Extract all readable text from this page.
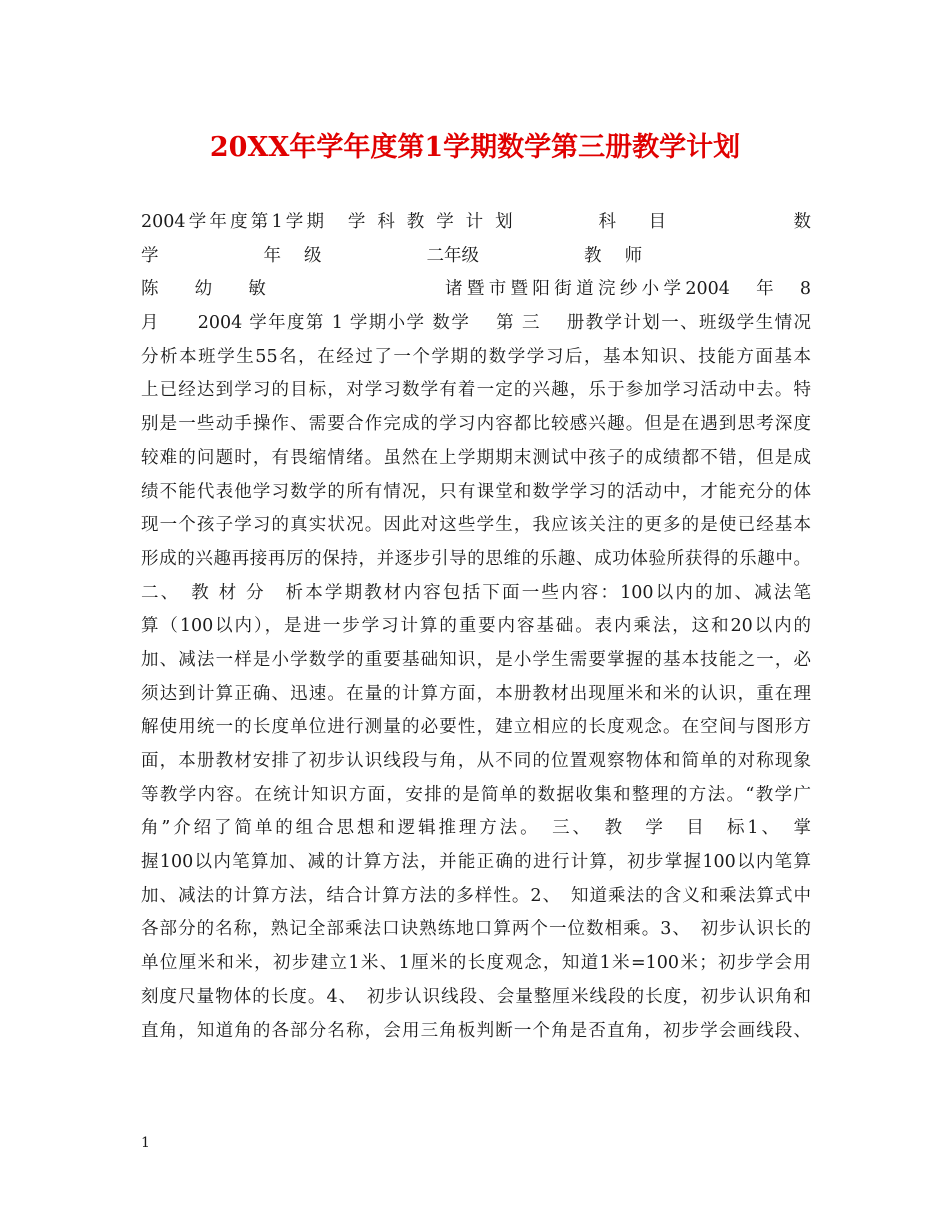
20XX年学年度第1学期数学第三册教学计划
2004学年度第1学期　学 科 教 学 计 划　　　　科　 目　　　　　　数
学　　　　　　年　 级　　　　　　二年级　　　　　　教　 师
陈　 幼　 敏　　　　　　　　诸暨市暨阳街道浣纱小学2004　年　8
月　　2004 学年度第 1 学期小学 数学　 第 三　 册教学计划一、班级学生情况
分析本班学生55名，在经过了一个学期的数学学习后，基本知识、技能方面基本
上已经达到学习的目标，对学习数学有着一定的兴趣，乐于参加学习活动中去。特
别是一些动手操作、需要合作完成的学习内容都比较感兴趣。但是在遇到思考深度
较难的问题时，有畏缩情绪。虽然在上学期期末测试中孩子的成绩都不错，但是成
绩不能代表他学习数学的所有情况，只有课堂和数学学习的活动中，才能充分的体
现一个孩子学习的真实状况。因此对这些学生，我应该关注的更多的是使已经基本
形成的兴趣再接再厉的保持，并逐步引导的思维的乐趣、成功体验所获得的乐趣中。
二、　教 材 分　析本学期教材内容包括下面一些内容：100以内的加、减法笔
算（100以内），是进一步学习计算的重要内容基础。表内乘法，这和20以内的
加、减法一样是小学数学的重要基础知识，是小学生需要掌握的基本技能之一，必
须达到计算正确、迅速。在量的计算方面，本册教材出现厘米和米的认识，重在理
解使用统一的长度单位进行测量的必要性，建立相应的长度观念。在空间与图形方
面，本册教材安排了初步认识线段与角，从不同的位置观察物体和简单的对称现象
等教学内容。在统计知识方面，安排的是简单的数据收集和整理的方法。“教学广
角”介绍了简单的组合思想和逻辑推理方法。　三、　教　学　目　标1、　掌
握100以内笔算加、减的计算方法，并能正确的进行计算，初步掌握100以内笔算
加、减法的计算方法，结合计算方法的多样性。2、　知道乘法的含义和乘法算式中
各部分的名称，熟记全部乘法口诀熟练地口算两个一位数相乘。3、　初步认识长的
单位厘米和米，初步建立1米、1厘米的长度观念，知道1米=100米；初步学会用
刻度尺量物体的长度。4、　初步认识线段、会量整厘米线段的长度，初步认识角和
直角，知道角的各部分名称，会用三角板判断一个角是否直角，初步学会画线段、
1
